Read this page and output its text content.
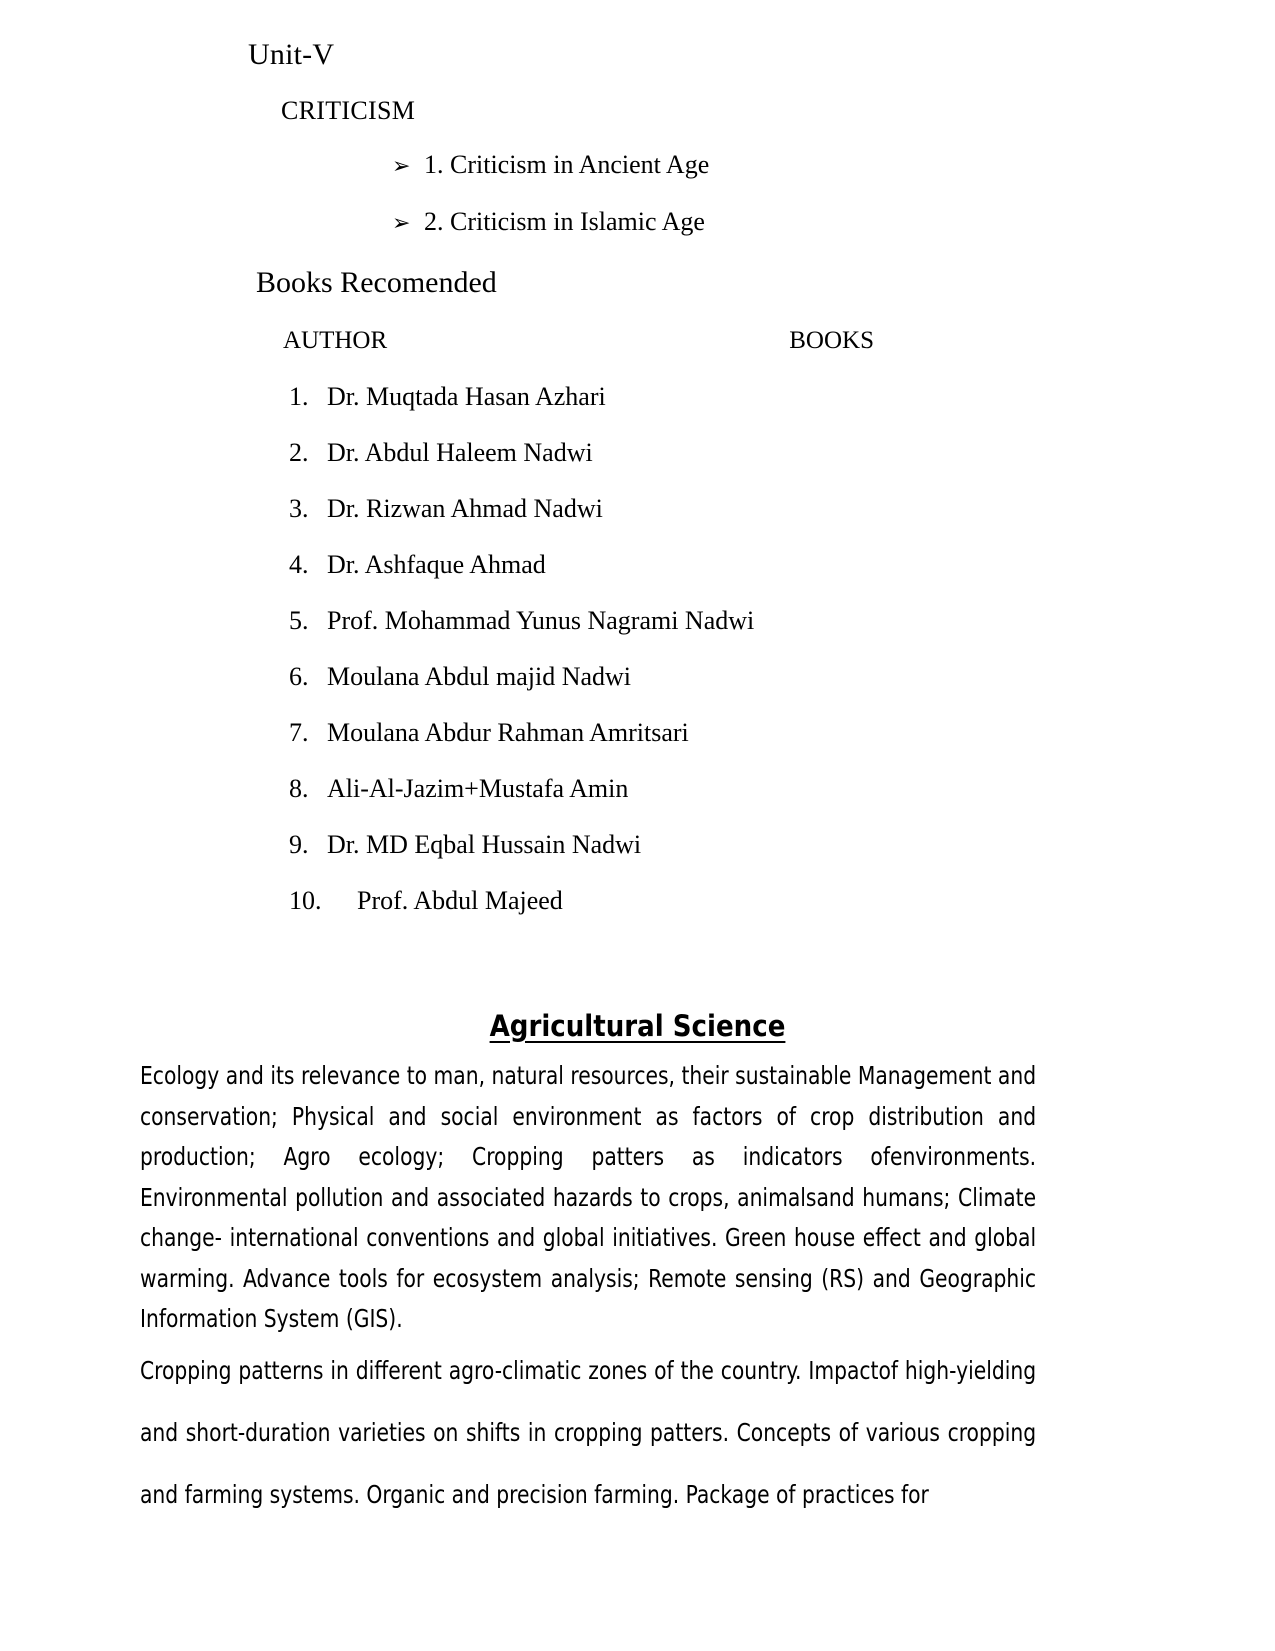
Unit-V
CRITICISM
➢ 1. Criticism in Ancient Age
➢ 2. Criticism in Islamic Age
Books Recomended
AUTHOR	BOOKS
1. Dr. Muqtada Hasan Azhari
2. Dr. Abdul Haleem Nadwi
3. Dr. Rizwan Ahmad Nadwi
4. Dr. Ashfaque Ahmad
5. Prof. Mohammad Yunus Nagrami Nadwi
6. Moulana Abdul majid Nadwi
7. Moulana Abdur Rahman Amritsari
8. Ali-Al-Jazim+Mustafa Amin
9. Dr. MD Eqbal Hussain Nadwi
10.	Prof. Abdul Majeed
Agricultural Science

Ecology and its relevance to man, natural resources, their sustainable Management and conservation; Physical and social environment as factors of crop distribution and production; Agro ecology; Cropping patters as indicators ofenvironments. Environmental pollution and associated hazards to crops, animalsand humans; Climate change- international conventions and global initiatives. Green house effect and global warming. Advance tools for ecosystem analysis; Remote sensing (RS) and Geographic Information System (GIS).

Cropping patterns in different agro-climatic zones of the country. Impactof high-yielding and short-duration varieties on shifts in cropping patters. Concepts of various cropping and farming systems. Organic and precision farming. Package of practices for
